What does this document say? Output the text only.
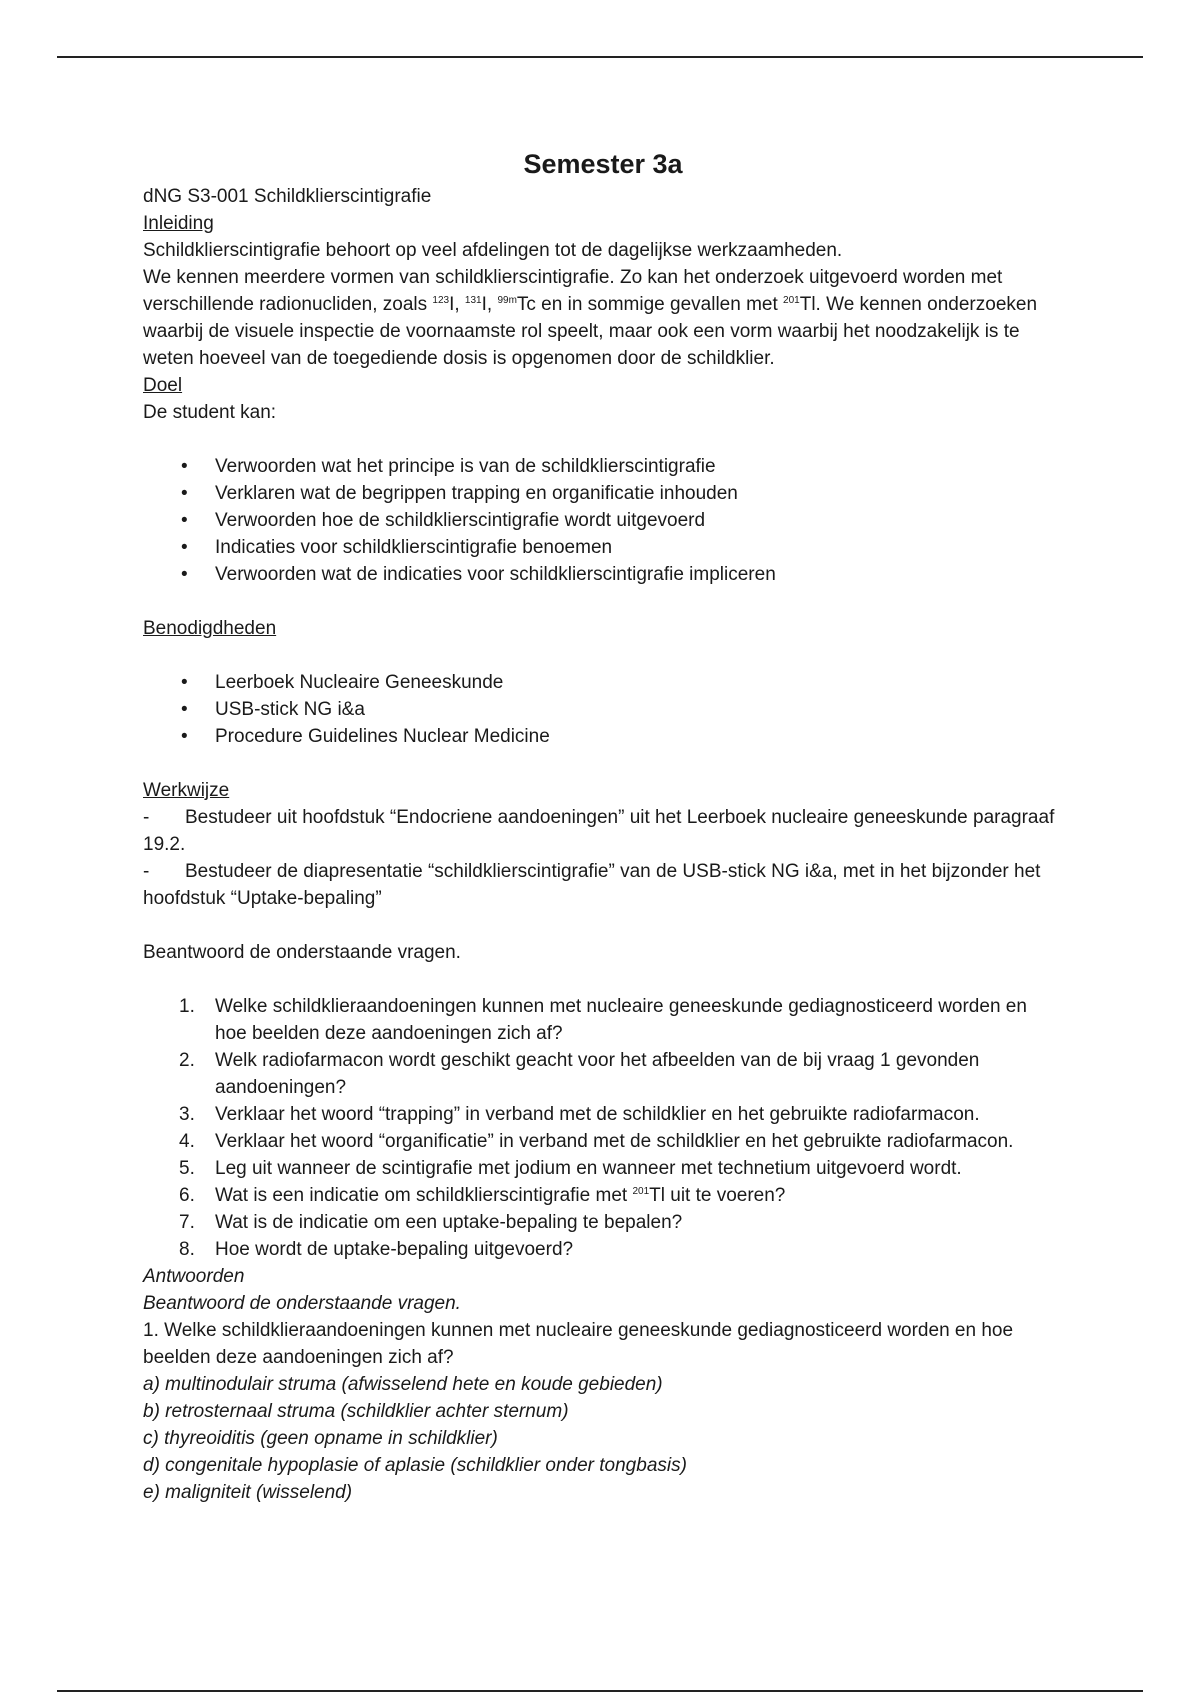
Semester 3a

dNG S3-001 Schildklierscintigrafie

Inleiding

Schildklierscintigrafie behoort op veel afdelingen tot de dagelijkse werkzaamheden.

We kennen meerdere vormen van schildklierscintigrafie. Zo kan het onderzoek uitgevoerd worden met verschillende radionucliden, zoals $^{123}$I, $^{131}$I, $^{99m}$Tc en in sommige gevallen met $^{201}$Tl. We kennen onderzoeken waarbij de visuele inspectie de voornaamste rol speelt, maar ook een vorm waarbij het noodzakelijk is te weten hoeveel van de toegediende dosis is opgenomen door de schildklier.

Doel

De student kan:

• Verwoorden wat het principe is van de schildklierscintigrafie
• Verklaren wat de begrippen trapping en organificatie inhouden
• Verwoorden hoe de schildklierscintigrafie wordt uitgevoerd
• Indicaties voor schildklierscintigrafie benoemen
• Verwoorden wat de indicaties voor schildklierscintigrafie impliceren

Benodigdheden

• Leerboek Nucleaire Geneeskunde
• USB-stick NG i&a
• Procedure Guidelines Nuclear Medicine

Werkwijze

- Bestudeer uit hoofdstuk “Endocriene aandoeningen” uit het Leerboek nucleaire geneeskunde paragraaf 19.2.

- Bestudeer de diapresentatie “schildklierscintigrafie” van de USB-stick NG i&a, met in het bijzonder het hoofdstuk “Uptake-bepaling”

Beantwoord de onderstaande vragen.

1.	Welke schildklieraandoeningen kunnen met nucleaire geneeskunde gediagnosticeerd worden en hoe beelden deze aandoeningen zich af?
2.	Welk radiofarmacon wordt geschikt geacht voor het afbeelden van de bij vraag 1 gevonden aandoeningen?
3.	Verklaar het woord “trapping” in verband met de schildklier en het gebruikte radiofarmacon.
4.	Verklaar het woord “organificatie” in verband met de schildklier en het gebruikte radiofarmacon.
5.	Leg uit wanneer de scintigrafie met jodium en wanneer met technetium uitgevoerd wordt.
6.	Wat is een indicatie om schildklierscintigrafie met $^{201}$Tl uit te voeren?
7.	Wat is de indicatie om een uptake-bepaling te bepalen?
8.	Hoe wordt de uptake-bepaling uitgevoerd?

Antwoorden

Beantwoord de onderstaande vragen.

1. Welke schildklieraandoeningen kunnen met nucleaire geneeskunde gediagnosticeerd worden en hoe beelden deze aandoeningen zich af?

a) multinodulair struma (afwisselend hete en koude gebieden)

b) retrosternaal struma (schildklier achter sternum)

c) thyreoiditis (geen opname in schildklier)

d) congenitale hypoplasie of aplasie (schildklier onder tongbasis)

e) maligniteit (wisselend)
